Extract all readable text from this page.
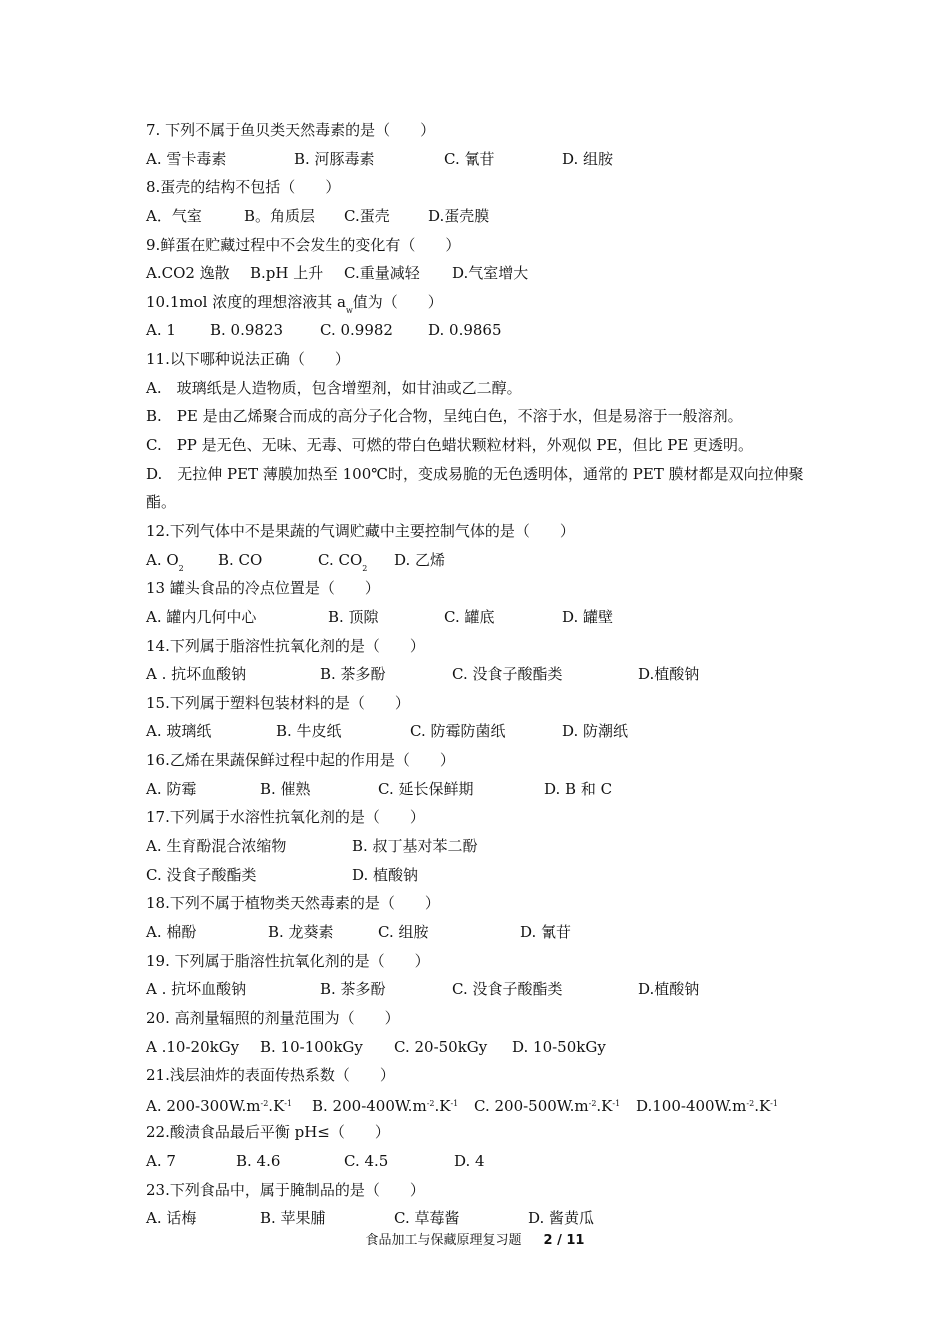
7. 下列不属于鱼贝类天然毒素的是（　　）
A. 雪卡毒素	B. 河豚毒素	C. 氰苷	D. 组胺
8.蛋壳的结构不包括（　　）
A．气室	B。角质层 C.蛋壳	D.蛋壳膜
9.鲜蛋在贮藏过程中不会发生的变化有（　　）
A.CO2 逸散 B.pH 上升 C.重量减轻 D.气室增大
10.1mol 浓度的理想溶液其 $a_w$值为（　　）
A. 1 B. 0.9823 C. 0.9982 D. 0.9865
11.以下哪种说法正确（　　）
A.　玻璃纸是人造物质，包含增塑剂，如甘油或乙二醇。
B.　PE 是由乙烯聚合而成的高分子化合物，呈纯白色，不溶于水，但是易溶于一般溶剂。
C.　PP 是无色、无味、无毒、可燃的带白色蜡状颗粒材料，外观似 PE，但比 PE 更透明。
D.　无拉伸 PET 薄膜加热至 100℃时，变成易脆的无色透明体，通常的 PET 膜材都是双向拉伸聚酯。
12.下列气体中不是果蔬的气调贮藏中主要控制气体的是（　　）
A. $O_2$ B. CO	C. $CO_2$ D. 乙烯
13 罐头食品的冷点位置是（　　）
A. 罐内几何中心	B. 顶隙	C. 罐底	D. 罐壁
14.下列属于脂溶性抗氧化剂的是（　　）
A . 抗坏血酸钠	B. 茶多酚	C. 没食子酸酯类	D.植酸钠
15.下列属于塑料包装材料的是（　　）
A. 玻璃纸	B. 牛皮纸	C. 防霉防菌纸	D. 防潮纸
16.乙烯在果蔬保鲜过程中起的作用是（　　）
A. 防霉	B. 催熟	C. 延长保鲜期	D. B 和 C
17.下列属于水溶性抗氧化剂的是（　　）
A. 生育酚混合浓缩物	B. 叔丁基对苯二酚
C. 没食子酸酯类	D. 植酸钠
18.下列不属于植物类天然毒素的是（　　）
A. 棉酚	B. 龙葵素	C. 组胺	D. 氰苷
19. 下列属于脂溶性抗氧化剂的是（　　）
A . 抗坏血酸钠	B. 茶多酚	C. 没食子酸酯类	D.植酸钠
20. 高剂量辐照的剂量范围为（　　）
A .10-20kGy B. 10-100kGy C. 20-50kGy D. 10-50kGy
21.浅层油炸的表面传热系数（　　）
A. $200-300W.m^{-2}.K^{-1}$ B. $200-400W.m^{-2}.K^{-1}$ C. $200-500W.m^{-2}.K^{-1}$ $D.100-400W.m^{-2}.K^{-1}$
22.酸渍食品最后平衡 pH≤（　　）
A. 7	B. 4.6	C. 4.5	D. 4
23.下列食品中，属于腌制品的是（　　）
A. 话梅	B. 苹果脯	C. 草莓酱	D. 酱黄瓜
食品加工与保藏原理复习题 2 / 11
